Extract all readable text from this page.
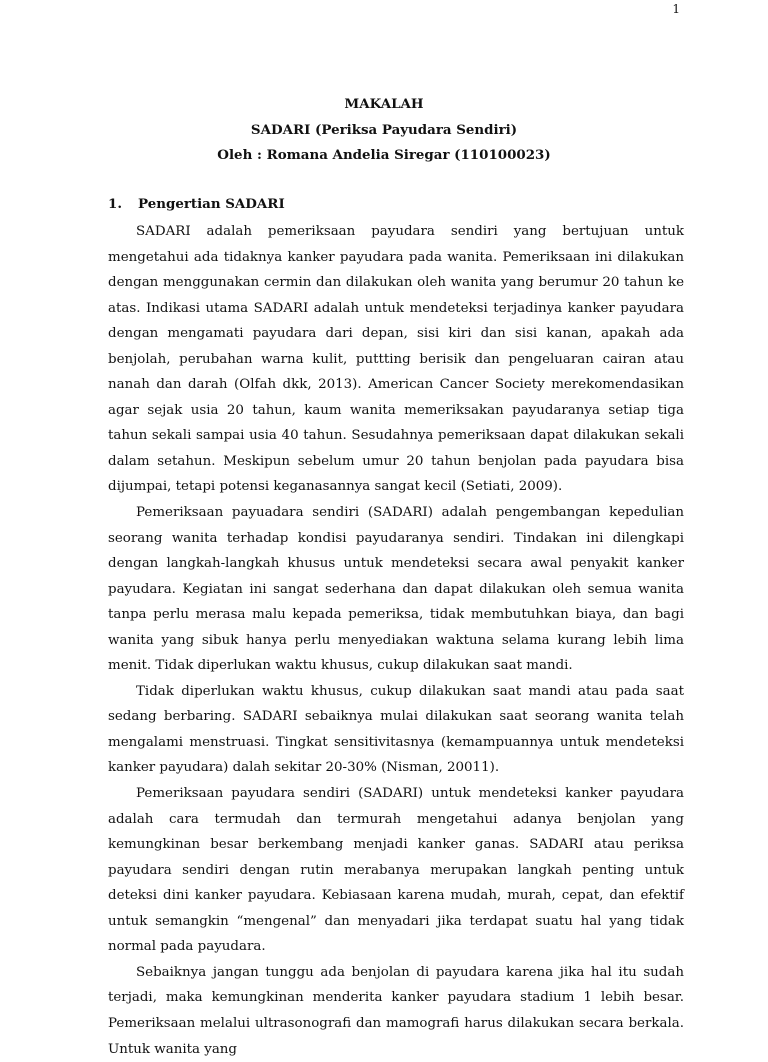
1
MAKALAH
SADARI (Periksa Payudara Sendiri)
Oleh : Romana Andelia Siregar (110100023)
1. Pengertian SADARI

SADARI adalah pemeriksaan payudara sendiri yang bertujuan untuk mengetahui ada tidaknya kanker payudara pada wanita. Pemeriksaan ini dilakukan dengan menggunakan cermin dan dilakukan oleh wanita yang berumur 20 tahun ke atas. Indikasi utama SADARI adalah untuk mendeteksi terjadinya kanker payudara dengan mengamati payudara dari depan, sisi kiri dan sisi kanan, apakah ada benjolah, perubahan warna kulit, puttting berisik dan pengeluaran cairan atau nanah dan darah (Olfah dkk, 2013). American Cancer Society merekomendasikan agar sejak usia 20 tahun, kaum wanita memeriksakan payudaranya setiap tiga tahun sekali sampai usia 40 tahun. Sesudahnya pemeriksaan dapat dilakukan sekali dalam setahun. Meskipun sebelum umur 20 tahun benjolan pada payudara bisa dijumpai, tetapi potensi keganasannya sangat kecil (Setiati, 2009).

Pemeriksaan payuadara sendiri (SADARI) adalah pengembangan kepedulian seorang wanita terhadap kondisi payudaranya sendiri. Tindakan ini dilengkapi dengan langkah-langkah khusus untuk mendeteksi secara awal penyakit kanker payudara. Kegiatan ini sangat sederhana dan dapat dilakukan oleh semua wanita tanpa perlu merasa malu kepada pemeriksa, tidak membutuhkan biaya, dan bagi wanita yang sibuk hanya perlu menyediakan waktuna selama kurang lebih lima menit. Tidak diperlukan waktu khusus, cukup dilakukan saat mandi.

Tidak diperlukan waktu khusus, cukup dilakukan saat mandi atau pada saat sedang berbaring. SADARI sebaiknya mulai dilakukan saat seorang wanita telah mengalami menstruasi. Tingkat sensitivitasnya (kemampuannya untuk mendeteksi kanker payudara) dalah sekitar 20-30% (Nisman, 20011).

Pemeriksaan payudara sendiri (SADARI) untuk mendeteksi kanker payudara adalah cara termudah dan termurah mengetahui adanya benjolan yang kemungkinan besar berkembang menjadi kanker ganas. SADARI atau periksa payudara sendiri dengan rutin merabanya merupakan langkah penting untuk deteksi dini kanker payudara. Kebiasaan karena mudah, murah, cepat, dan efektif untuk semangkin “mengenal” dan menyadari jika terdapat suatu hal yang tidak normal pada payudara.

Sebaiknya jangan tunggu ada benjolan di payudara karena jika hal itu sudah terjadi, maka kemungkinan menderita kanker payudara stadium 1 lebih besar. Pemeriksaan melalui ultrasonografi dan mamografi harus dilakukan secara berkala. Untuk wanita yang
